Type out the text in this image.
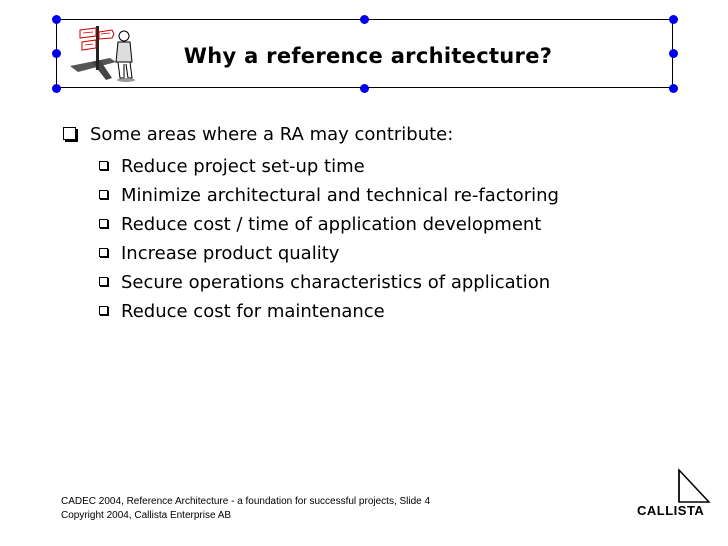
Why a reference architecture?
Some areas where a RA may contribute:
Reduce project set-up time
Minimize architectural and technical re-factoring
Reduce cost / time of application development
Increase product quality
Secure operations characteristics of application
Reduce cost for maintenance
CADEC 2004, Reference Architecture - a foundation for successful projects, Slide 4
Copyright 2004, Callista Enterprise AB	CALLISTA
